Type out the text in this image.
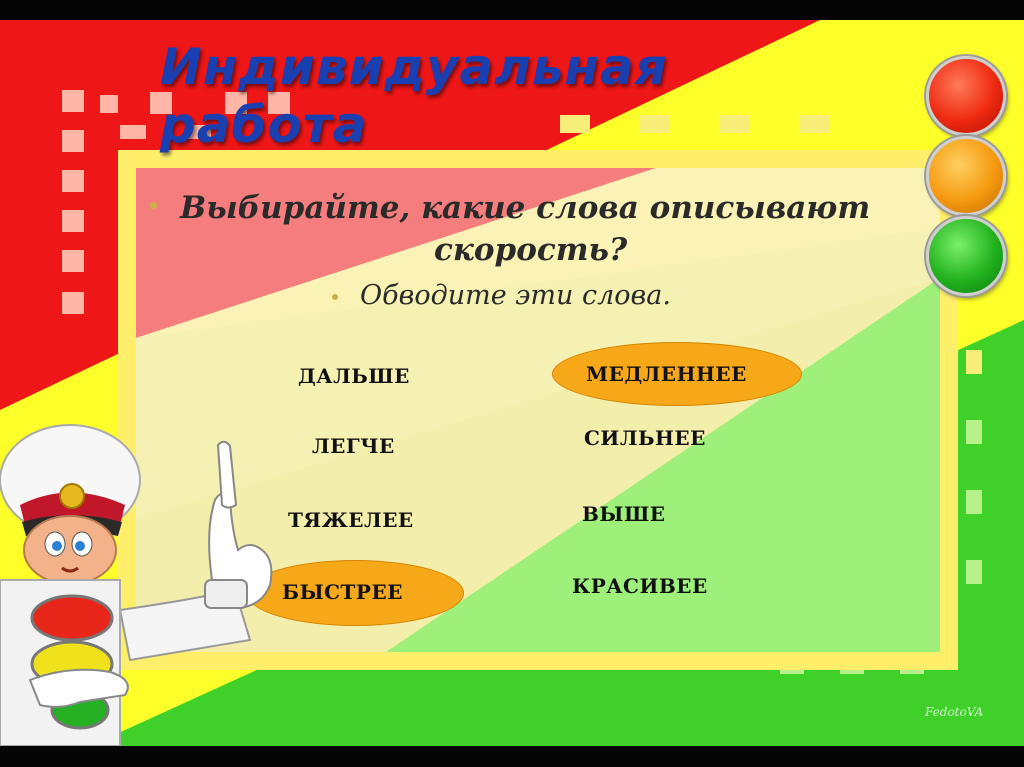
Индивидуальная работа
Выбирайте, какие слова описывают
скорость?
Обводите эти слова.
ДАЛЬШЕ
ЛЕГЧЕ
ТЯЖЕЛЕЕ
БЫСТРЕЕ
МЕДЛЕННЕЕ
СИЛЬНЕЕ
ВЫШЕ
КРАСИВЕЕ
FedotoVA
